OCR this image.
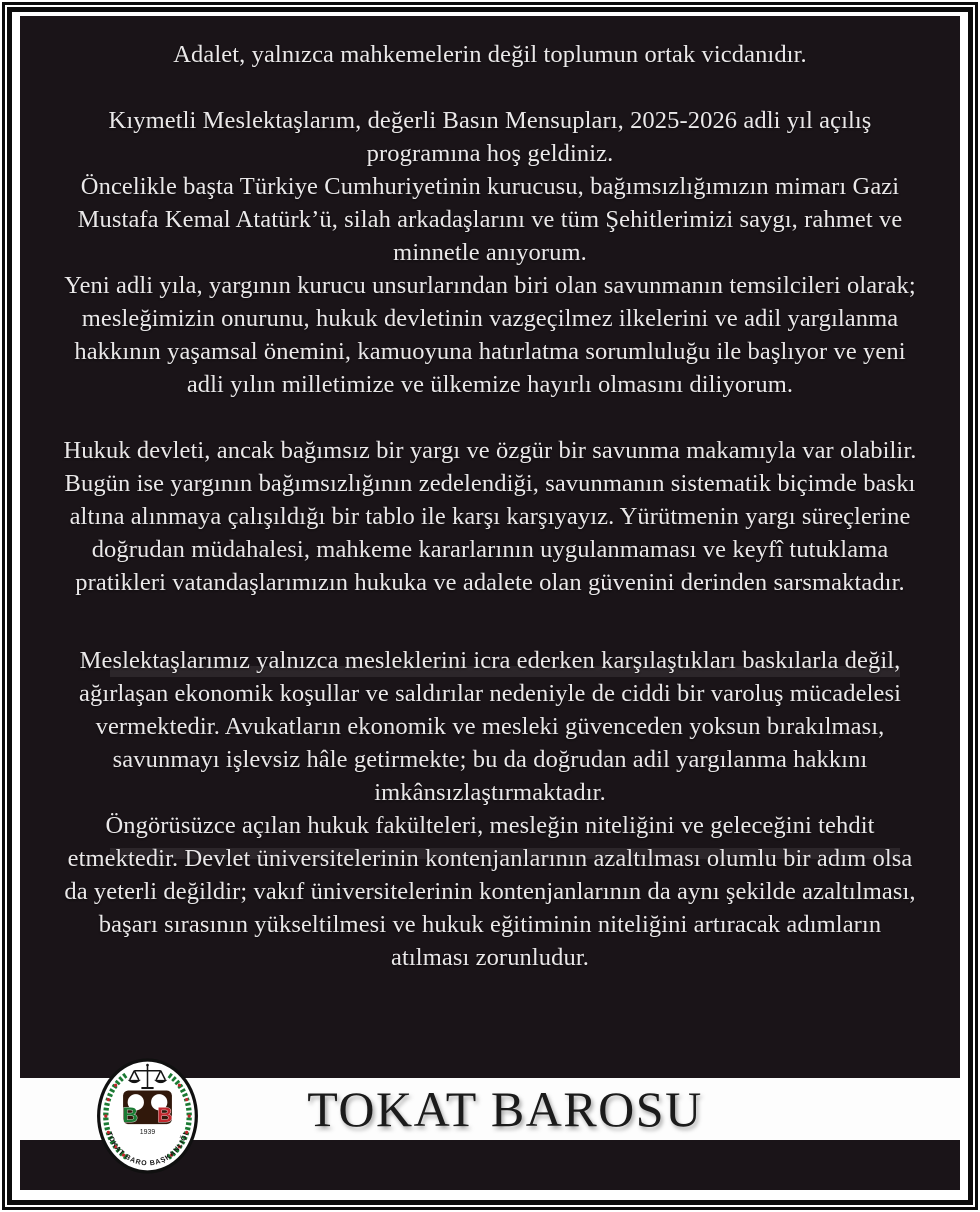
Adalet, yalnızca mahkemelerin değil toplumun ortak vicdanıdır.

Kıymetli Meslektaşlarım, değerli Basın Mensupları, 2025-2026 adli yıl açılış programına hoş geldiniz.

Öncelikle başta Türkiye Cumhuriyetinin kurucusu, bağımsızlığımızın mimarı Gazi Mustafa Kemal Atatürk’ü, silah arkadaşlarını ve tüm Şehitlerimizi saygı, rahmet ve minnetle anıyorum.

Yeni adli yıla, yargının kurucu unsurlarından biri olan savunmanın temsilcileri olarak; mesleğimizin onurunu, hukuk devletinin vazgeçilmez ilkelerini ve adil yargılanma hakkının yaşamsal önemini, kamuoyuna hatırlatma sorumluluğu ile başlıyor ve yeni adli yılın milletimize ve ülkemize hayırlı olmasını diliyorum.

Hukuk devleti, ancak bağımsız bir yargı ve özgür bir savunma makamıyla var olabilir. Bugün ise yargının bağımsızlığının zedelendiği, savunmanın sistematik biçimde baskı altına alınmaya çalışıldığı bir tablo ile karşı karşıyayız. Yürütmenin yargı süreçlerine doğrudan müdahalesi, mahkeme kararlarının uygulanmaması ve keyfî tutuklama pratikleri vatandaşlarımızın hukuka ve adalete olan güvenini derinden sarsmaktadır.

Meslektaşlarımız yalnızca mesleklerini icra ederken karşılaştıkları baskılarla değil, ağırlaşan ekonomik koşullar ve saldırılar nedeniyle de ciddi bir varoluş mücadelesi vermektedir. Avukatların ekonomik ve mesleki güvenceden yoksun bırakılması, savunmayı işlevsiz hâle getirmekte; bu da doğrudan adil yargılanma hakkını imkânsızlaştırmaktadır.

Öngörüsüzce açılan hukuk fakülteleri, mesleğin niteliğini ve geleceğini tehdit etmektedir. Devlet üniversitelerinin kontenjanlarının azaltılması olumlu bir adım olsa da yeterli değildir; vakıf üniversitelerinin kontenjanlarının da aynı şekilde azaltılması, başarı sırasının yükseltilmesi ve hukuk eğitiminin niteliğini artıracak adımların atılması zorunludur.

TOKAT BAROSU
B B
1939
TOKAT BARO BAŞKANLIĞI
